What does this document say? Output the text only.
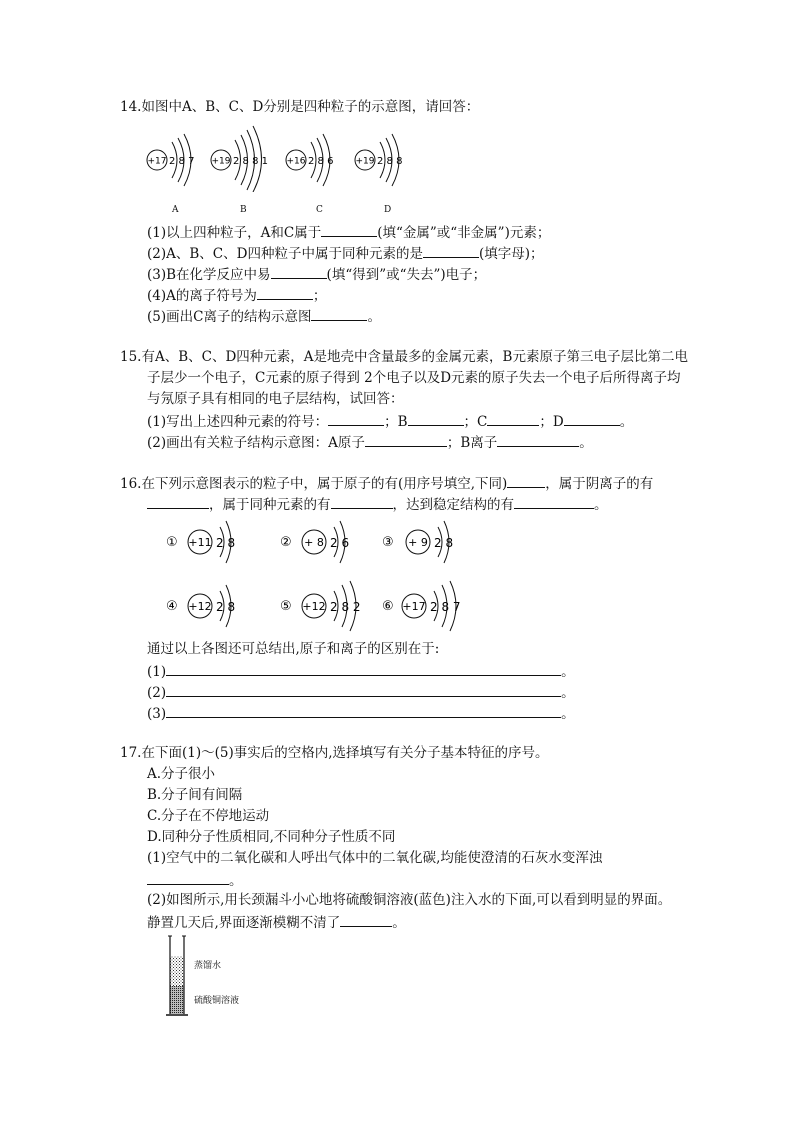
14.如图中A、B、C、D分别是四种粒子的示意图，请回答：
+17 2 8 7
A
+19 2 8 8 1
B
+16 2 8 6
C
+19 2 8 8
D
(1)以上四种粒子，A和C属于	(填“金属”或“非金属”)元素；
(2)A、B、C、D四种粒子中属于同种元素的是	(填字母)；
(3)B在化学反应中易	(填“得到”或“失去”)电子；
(4)A的离子符号为	；
(5)画出C离子的结构示意图	。
15.有A、B、C、D四种元素，A是地壳中含量最多的金属元素，B元素原子第三电子层比第二电
子层少一个电子，C元素的原子得到 2个电子以及D元素的原子失去一个电子后所得离子均
与氖原子具有相同的电子层结构，试回答：
(1)写出上述四种元素的符号：	；B	；C	；D	。
(2)画出有关粒子结构示意图：A原子	；B离子	。
16.在下列示意图表示的粒子中，属于原子的有(用序号填空,下同)	，属于阴离子的有
，属于同种元素的有	，达到稳定结构的有	。
① +11 2 8	② + 8 2 6	③ + 9 2 8
④ +12 2 8	⑤ +12 2 8 2 ⑥ +17 2 8 7
通过以上各图还可总结出,原子和离子的区别在于:
(1)	。
(2)	。
(3)	。
17.在下面(1)～(5)事实后的空格内,选择填写有关分子基本特征的序号。
A.分子很小
B.分子间有间隔
C.分子在不停地运动
D.同种分子性质相同,不同种分子性质不同
(1)空气中的二氧化碳和人呼出气体中的二氧化碳,均能使澄清的石灰水变浑浊
。
(2)如图所示,用长颈漏斗小心地将硫酸铜溶液(蓝色)注入水的下面,可以看到明显的界面。
静置几天后,界面逐渐模糊不清了	。
蒸馏水
硫酸铜溶液
